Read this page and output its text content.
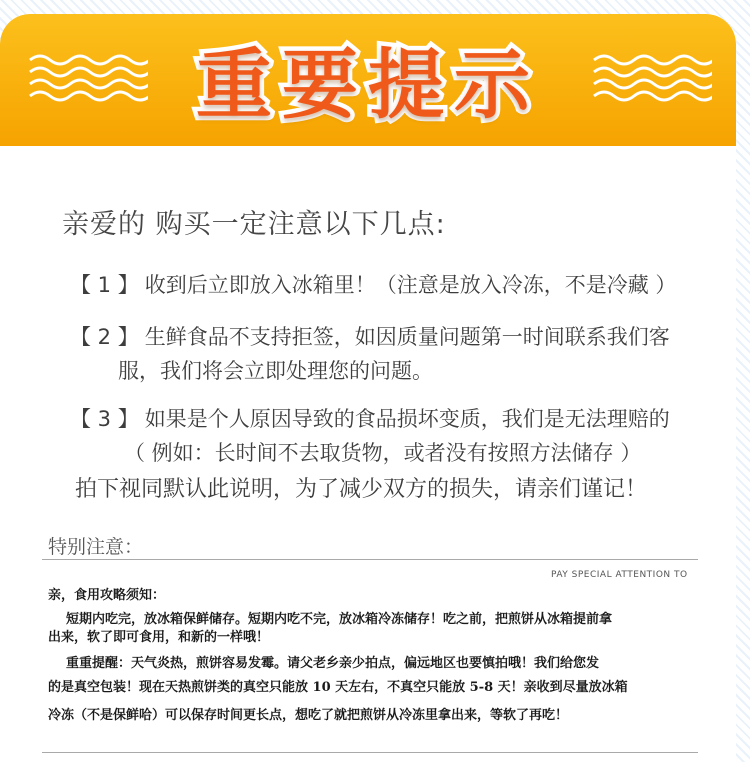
重要提示
亲爱的 购买一定注意以下几点:
【 1 】 收到后立即放入冰箱里！（注意是放入冷冻，不是冷藏 ）
【 2 】 生鲜食品不支持拒签，如因质量问题第一时间联系我们客
服，我们将会立即处理您的问题。
【 3 】 如果是个人原因导致的食品损坏变质，我们是无法理赔的
（ 例如：长时间不去取货物，或者没有按照方法储存 ）
拍下视同默认此说明，为了减少双方的损失，请亲们谨记！
特别注意：
PAY SPECIAL ATTENTION TO
亲，食用攻略须知：
短期内吃完，放冰箱保鲜储存。短期内吃不完，放冰箱冷冻储存！吃之前，把煎饼从冰箱提前拿
出来，软了即可食用，和新的一样哦！
重重提醒：天气炎热，煎饼容易发霉。请父老乡亲少拍点，偏远地区也要慎拍哦！我们给您发
的是真空包装！现在天热煎饼类的真空只能放 10 天左右，不真空只能放 5-8 天！亲收到尽量放冰箱
冷冻（不是保鲜哈）可以保存时间更长点，想吃了就把煎饼从冷冻里拿出来，等软了再吃！
